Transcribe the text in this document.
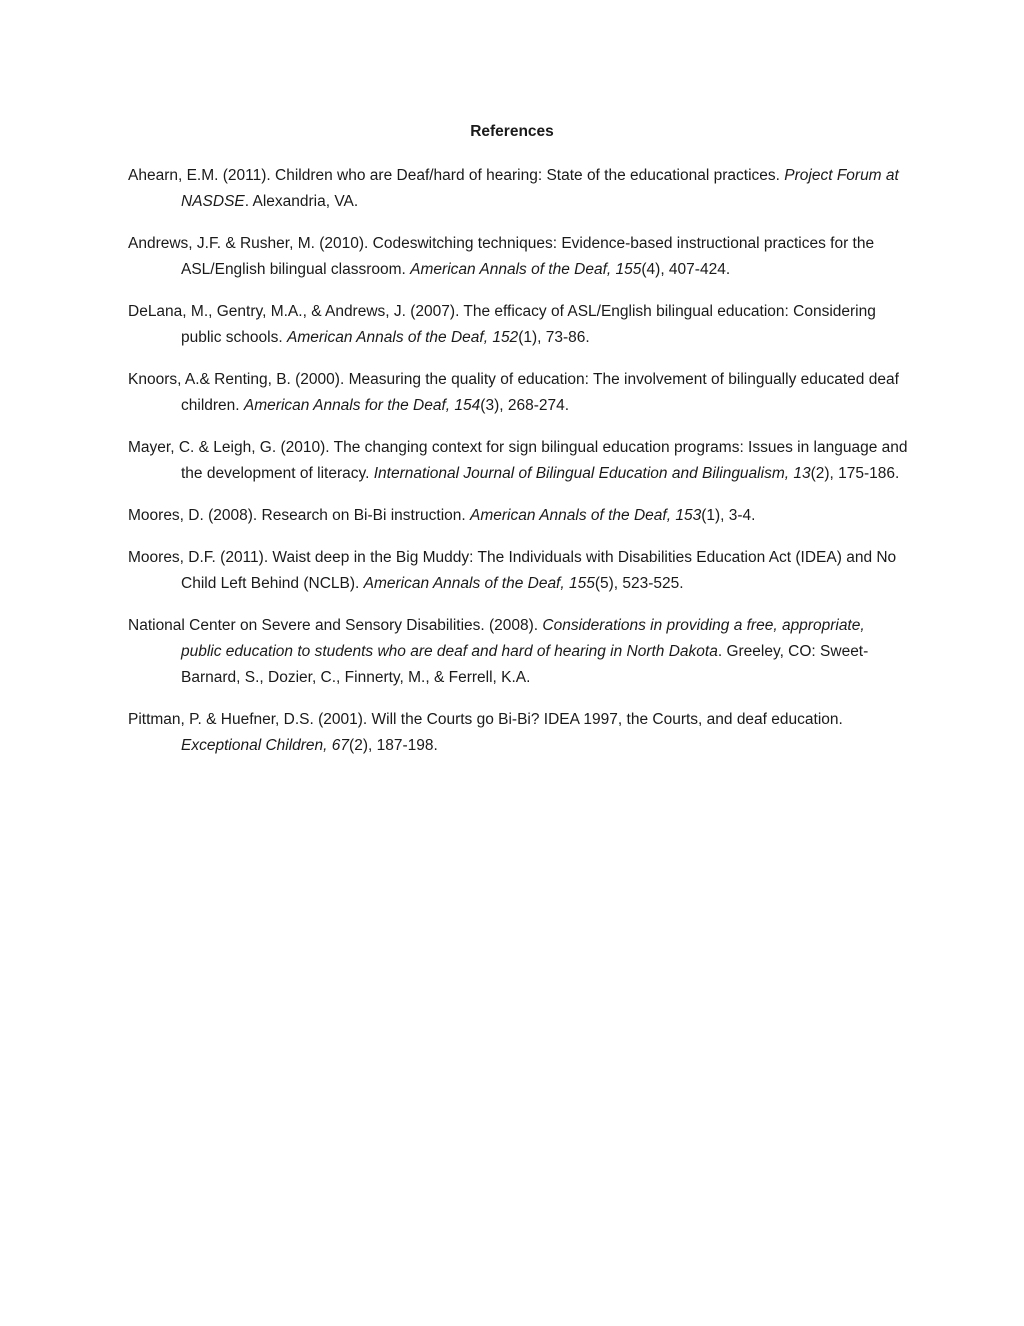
References

Ahearn, E.M. (2011). Children who are Deaf/hard of hearing: State of the educational practices. Project Forum at NASDSE. Alexandria, VA.

Andrews, J.F. & Rusher, M. (2010). Codeswitching techniques: Evidence-based instructional practices for the ASL/English bilingual classroom. American Annals of the Deaf, 155(4), 407-424.

DeLana, M., Gentry, M.A., & Andrews, J. (2007). The efficacy of ASL/English bilingual education: Considering public schools. American Annals of the Deaf, 152(1), 73-86.

Knoors, A.& Renting, B. (2000). Measuring the quality of education: The involvement of bilingually educated deaf children. American Annals for the Deaf, 154(3), 268-274.

Mayer, C. & Leigh, G. (2010). The changing context for sign bilingual education programs: Issues in language and the development of literacy. International Journal of Bilingual Education and Bilingualism, 13(2), 175-186.

Moores, D. (2008). Research on Bi-Bi instruction. American Annals of the Deaf, 153(1), 3-4.

Moores, D.F. (2011). Waist deep in the Big Muddy: The Individuals with Disabilities Education Act (IDEA) and No Child Left Behind (NCLB). American Annals of the Deaf, 155(5), 523-525.

National Center on Severe and Sensory Disabilities. (2008). Considerations in providing a free, appropriate, public education to students who are deaf and hard of hearing in North Dakota. Greeley, CO: Sweet-Barnard, S., Dozier, C., Finnerty, M., & Ferrell, K.A.

Pittman, P. & Huefner, D.S. (2001). Will the Courts go Bi-Bi? IDEA 1997, the Courts, and deaf education. Exceptional Children, 67(2), 187-198.
